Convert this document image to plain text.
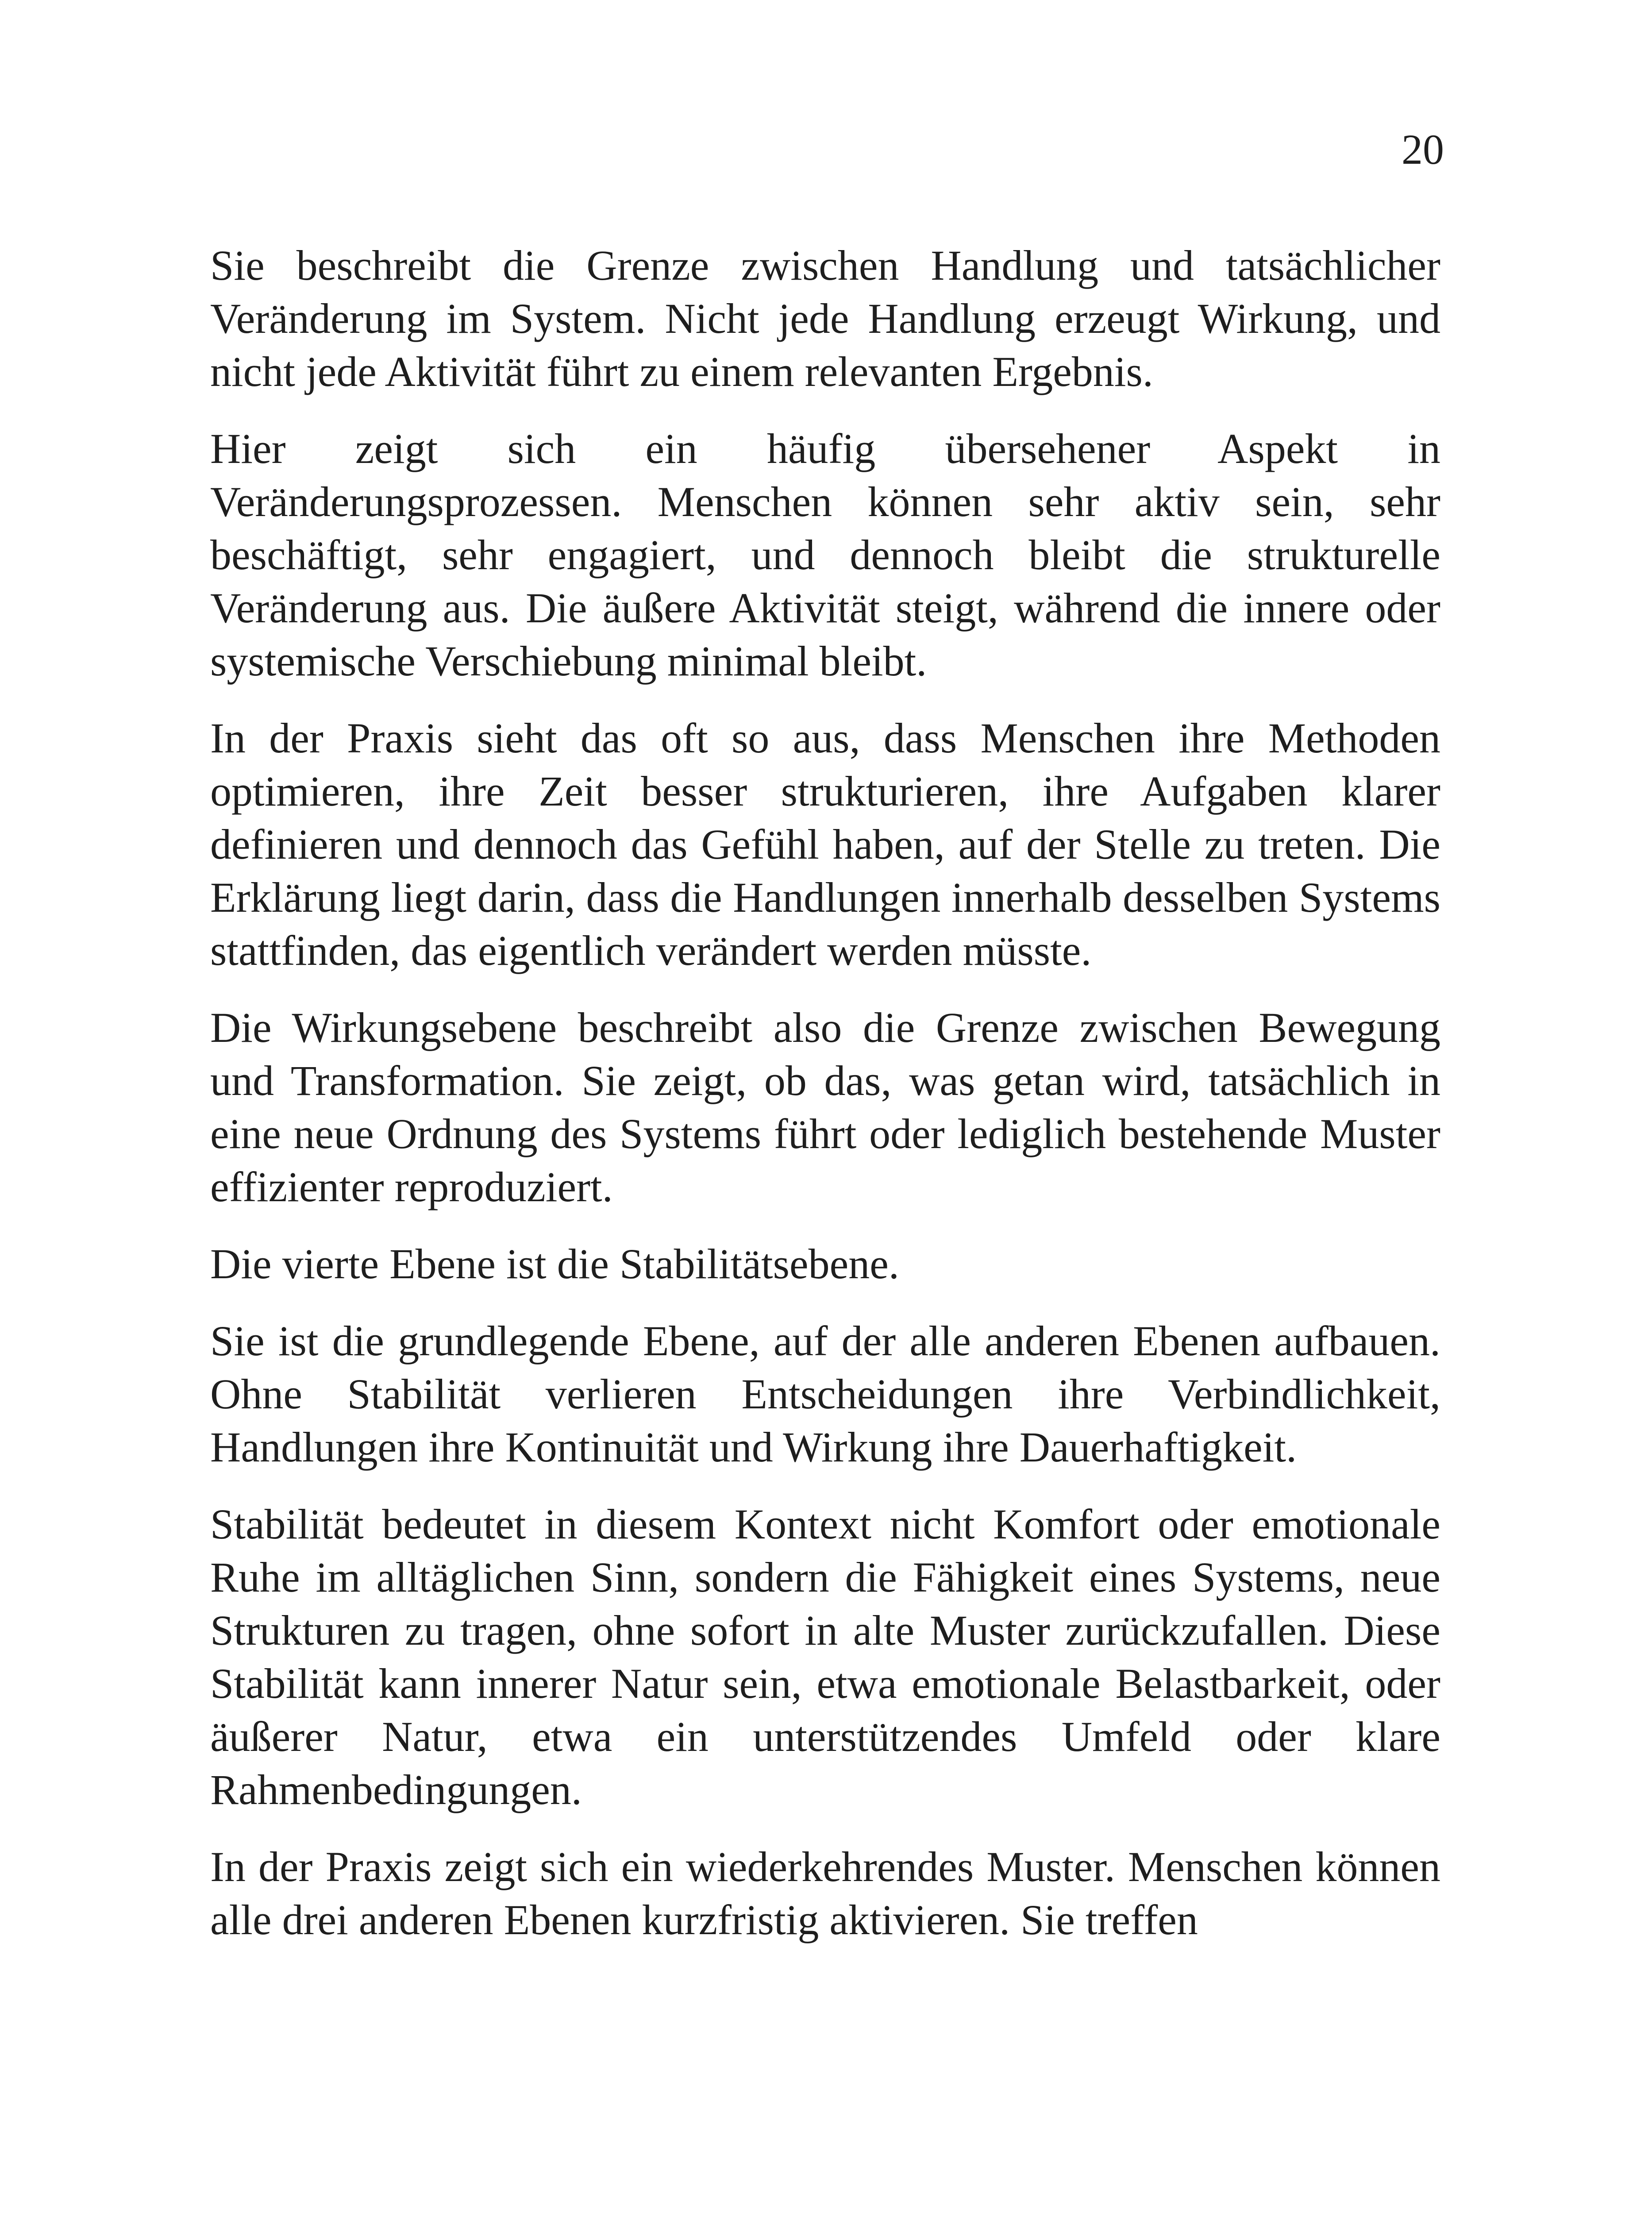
20

Sie beschreibt die Grenze zwischen Handlung und tatsächlicher Veränderung im System. Nicht jede Handlung erzeugt Wirkung, und nicht jede Aktivität führt zu einem relevanten Ergebnis.

Hier zeigt sich ein häufig übersehener Aspekt in Veränderungsprozessen. Menschen können sehr aktiv sein, sehr beschäftigt, sehr engagiert, und dennoch bleibt die strukturelle Veränderung aus. Die äußere Aktivität steigt, während die innere oder systemische Verschiebung minimal bleibt.

In der Praxis sieht das oft so aus, dass Menschen ihre Methoden optimieren, ihre Zeit besser strukturieren, ihre Aufgaben klarer definieren und dennoch das Gefühl haben, auf der Stelle zu treten. Die Erklärung liegt darin, dass die Handlungen innerhalb desselben Systems stattfinden, das eigentlich verändert werden müsste.

Die Wirkungsebene beschreibt also die Grenze zwischen Bewegung und Transformation. Sie zeigt, ob das, was getan wird, tatsächlich in eine neue Ordnung des Systems führt oder lediglich bestehende Muster effizienter reproduziert.

Die vierte Ebene ist die Stabilitätsebene.

Sie ist die grundlegende Ebene, auf der alle anderen Ebenen aufbauen. Ohne Stabilität verlieren Entscheidungen ihre Verbindlichkeit, Handlungen ihre Kontinuität und Wirkung ihre Dauerhaftigkeit.

Stabilität bedeutet in diesem Kontext nicht Komfort oder emotionale Ruhe im alltäglichen Sinn, sondern die Fähigkeit eines Systems, neue Strukturen zu tragen, ohne sofort in alte Muster zurückzufallen. Diese Stabilität kann innerer Natur sein, etwa emotionale Belastbarkeit, oder äußerer Natur, etwa ein unterstützendes Umfeld oder klare Rahmenbedingungen.

In der Praxis zeigt sich ein wiederkehrendes Muster. Menschen können alle drei anderen Ebenen kurzfristig aktivieren. Sie treffen
